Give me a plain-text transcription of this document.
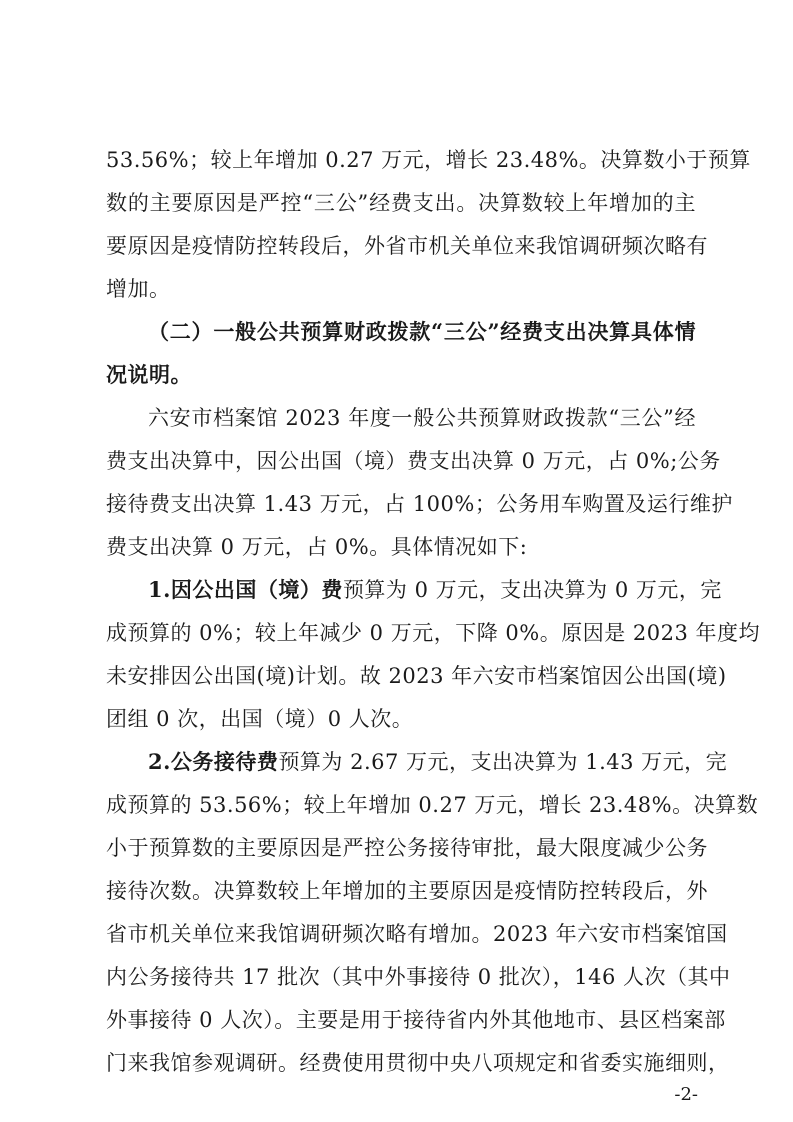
53.56%；较上年增加 0.27 万元，增长 23.48%。决算数小于预算
数的主要原因是严控“三公”经费支出。决算数较上年增加的主
要原因是疫情防控转段后，外省市机关单位来我馆调研频次略有
增加。
（二）一般公共预算财政拨款“三公”经费支出决算具体情
况说明。
六安市档案馆 2023 年度一般公共预算财政拨款“三公”经
费支出决算中，因公出国（境）费支出决算 0 万元，占 0%;公务
接待费支出决算 1.43 万元，占 100%；公务用车购置及运行维护
费支出决算 0 万元，占 0%。具体情况如下:
1.因公出国（境）费预算为 0 万元，支出决算为 0 万元，完
成预算的 0%；较上年减少 0 万元，下降 0%。原因是 2023 年度均
未安排因公出国(境)计划。故 2023 年六安市档案馆因公出国(境)
团组 0 次，出国（境）0 人次。
2.公务接待费预算为 2.67 万元，支出决算为 1.43 万元，完
成预算的 53.56%；较上年增加 0.27 万元，增长 23.48%。决算数
小于预算数的主要原因是严控公务接待审批，最大限度减少公务
接待次数。决算数较上年增加的主要原因是疫情防控转段后，外
省市机关单位来我馆调研频次略有增加。2023 年六安市档案馆国
内公务接待共 17 批次（其中外事接待 0 批次），146 人次（其中
外事接待 0 人次）。主要是用于接待省内外其他地市、县区档案部
门来我馆参观调研。经费使用贯彻中央八项规定和省委实施细则，
-2-
